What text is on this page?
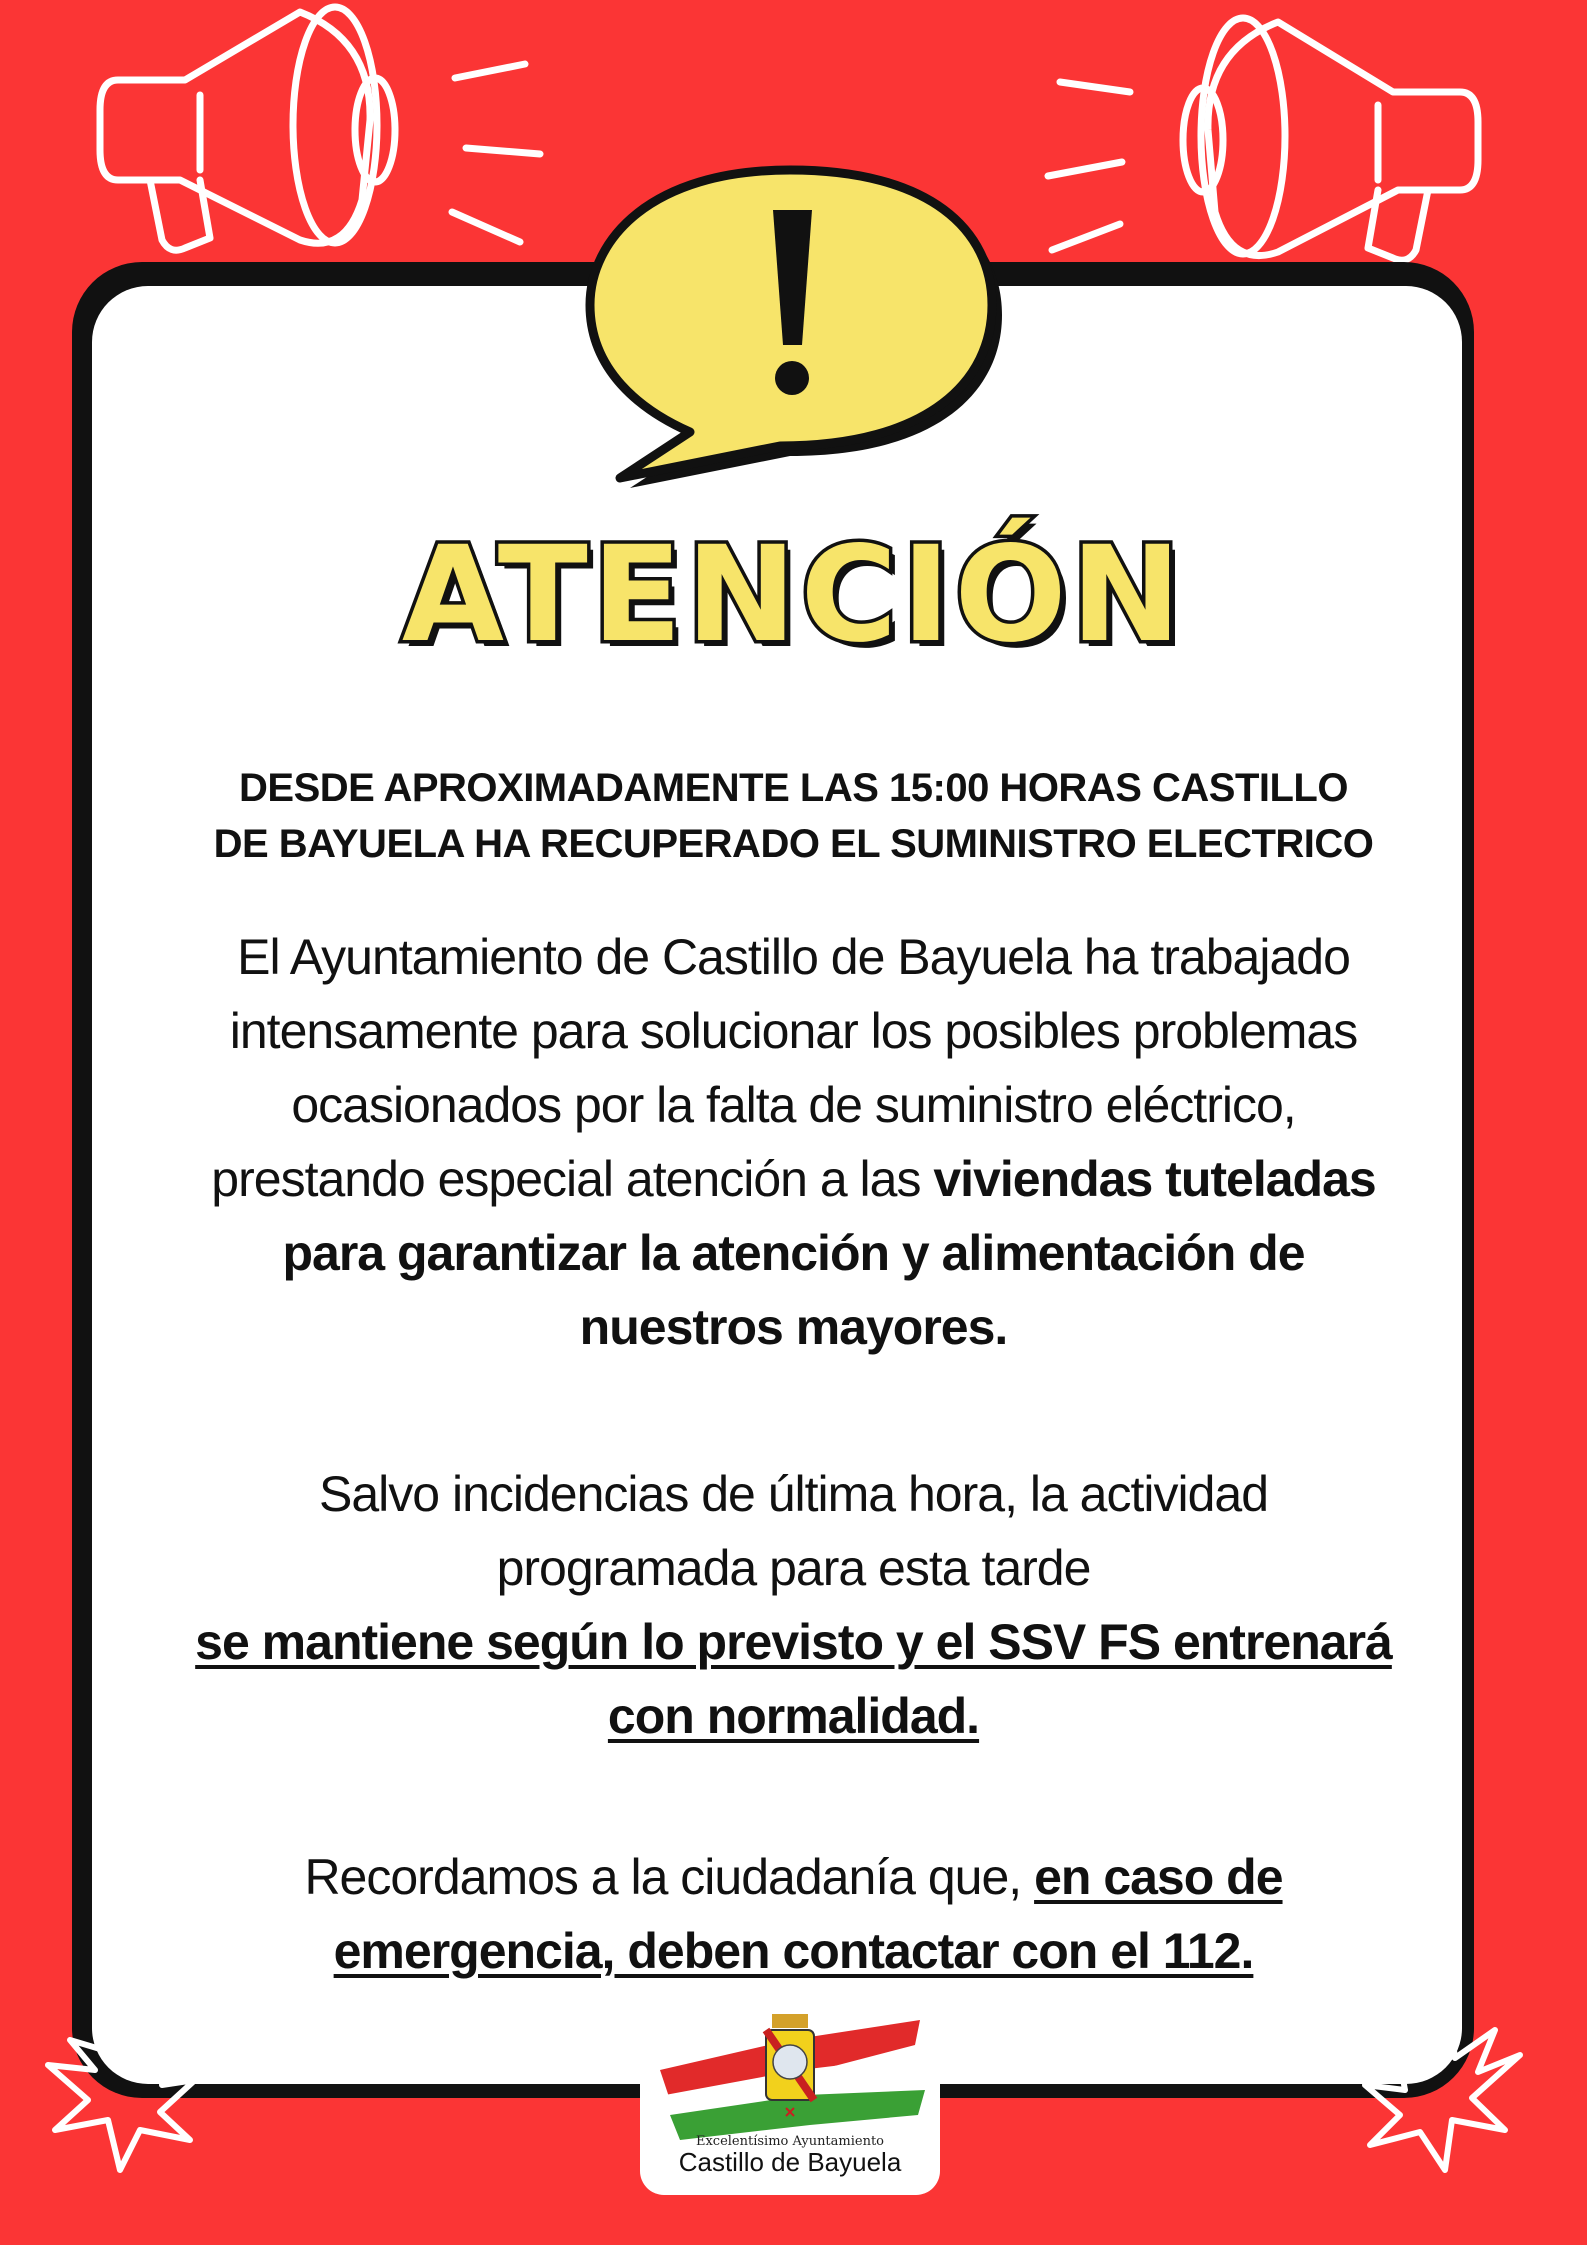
ATENCIÓN
DESDE APROXIMADAMENTE LAS 15:00 HORAS CASTILLO
DE BAYUELA HA RECUPERADO EL SUMINISTRO ELECTRICO
El Ayuntamiento de Castillo de Bayuela ha trabajado
intensamente para solucionar los posibles problemas
ocasionados por la falta de suministro eléctrico,
prestando especial atención a las viviendas tuteladas
para garantizar la atención y alimentación de
nuestros mayores.
Salvo incidencias de última hora, la actividad
programada para esta tarde
se mantiene según lo previsto y el SSV FS entrenará
con normalidad.
Recordamos a la ciudadanía que, en caso de
emergencia, deben contactar con el 112.
Excelentísimo Ayuntamiento
Castillo de Bayuela
